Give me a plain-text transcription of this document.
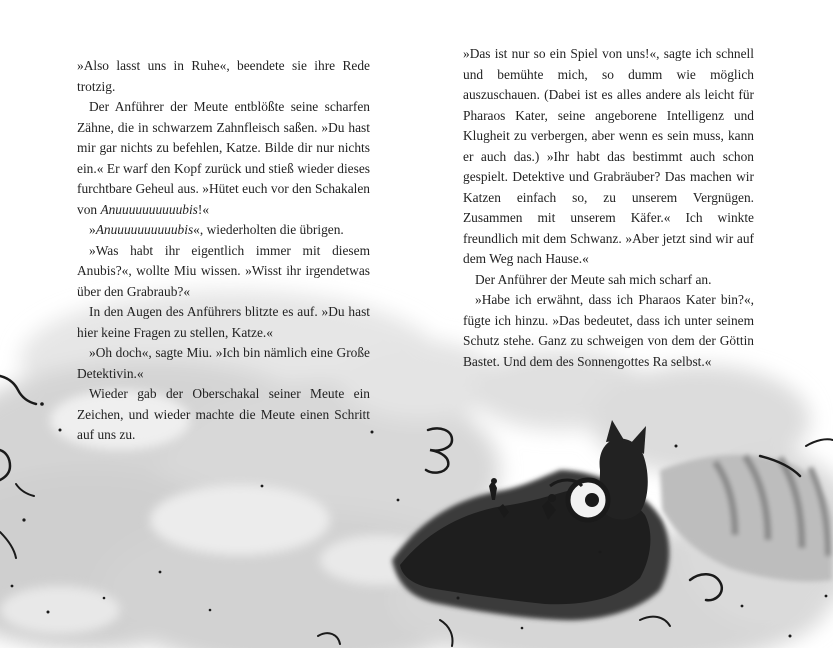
»Also lasst uns in Ruhe«, beendete sie ihre Rede trotzig.

Der Anführer der Meute entblößte seine scharfen Zähne, die in schwarzem Zahnfleisch saßen. »Du hast mir gar nichts zu befehlen, Katze. Bilde dir nur nichts ein.« Er warf den Kopf zurück und stieß wieder dieses furchtbare Geheul aus. »Hütet euch vor den Schakalen von Anuuuuuuuuuubis!«

»Anuuuuuuuuuubis«, wiederholten die übrigen.

»Was habt ihr eigentlich immer mit diesem Anubis?«, wollte Miu wissen. »Wisst ihr irgendetwas über den Grabraub?«

In den Augen des Anführers blitzte es auf. »Du hast hier keine Fragen zu stellen, Katze.«

»Oh doch«, sagte Miu. »Ich bin nämlich eine Große Detektivin.«

Wieder gab der Oberschakal seiner Meute ein Zeichen, und wieder machte die Meute einen Schritt auf uns zu.

»Das ist nur so ein Spiel von uns!«, sagte ich schnell und bemühte mich, so dumm wie möglich auszuschauen. (Dabei ist es alles andere als leicht für Pharaos Kater, seine angeborene Intelligenz und Klugheit zu verbergen, aber wenn es sein muss, kann er auch das.) »Ihr habt das bestimmt auch schon gespielt. Detektive und Grabräuber? Das machen wir Katzen einfach so, zu unserem Vergnügen. Zusammen mit unserem Käfer.« Ich winkte freundlich mit dem Schwanz. »Aber jetzt sind wir auf dem Weg nach Hause.«

Der Anführer der Meute sah mich scharf an.

»Habe ich erwähnt, dass ich Pharaos Kater bin?«, fügte ich hinzu. »Das bedeutet, dass ich unter seinem Schutz stehe. Ganz zu schweigen von dem der Göttin Bastet. Und dem des Sonnengottes Ra selbst.«
